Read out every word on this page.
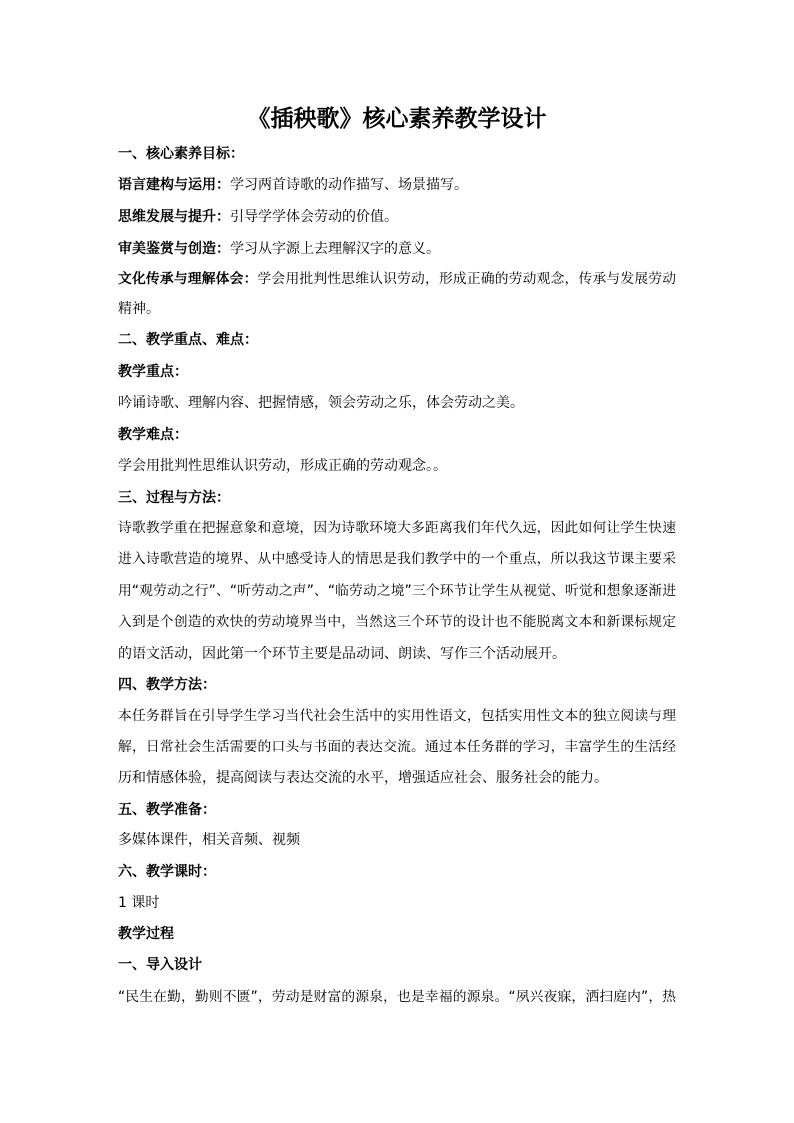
《插秧歌》核心素养教学设计
一、核心素养目标：
语言建构与运用：学习两首诗歌的动作描写、场景描写。
思维发展与提升：引导学学体会劳动的价值。
审美鉴赏与创造：学习从字源上去理解汉字的意义。
文化传承与理解体会：学会用批判性思维认识劳动，形成正确的劳动观念，传承与发展劳动
精神。
二、教学重点、难点：
教学重点：
吟诵诗歌、理解内容、把握情感，领会劳动之乐，体会劳动之美。
教学难点：
学会用批判性思维认识劳动，形成正确的劳动观念。。
三、过程与方法：
诗歌教学重在把握意象和意境，因为诗歌环境大多距离我们年代久远，因此如何让学生快速
进入诗歌营造的境界、从中感受诗人的情思是我们教学中的一个重点，所以我这节课主要采
用“观劳动之行”、“听劳动之声”、“临劳动之境”三个环节让学生从视觉、听觉和想象逐渐进
入到是个创造的欢快的劳动境界当中，当然这三个环节的设计也不能脱离文本和新课标规定
的语文活动，因此第一个环节主要是品动词、朗读、写作三个活动展开。
四、教学方法：
本任务群旨在引导学生学习当代社会生活中的实用性语文，包括实用性文本的独立阅读与理
解，日常社会生活需要的口头与书面的表达交流。通过本任务群的学习，丰富学生的生活经
历和情感体验，提高阅读与表达交流的水平，增强适应社会、服务社会的能力。
五、教学准备：
多媒体课件，相关音频、视频
六、教学课时：
1 课时
教学过程
一、导入设计
“民生在勤，勤则不匮”，劳动是财富的源泉，也是幸福的源泉。“夙兴夜寐，洒扫庭内”，热
